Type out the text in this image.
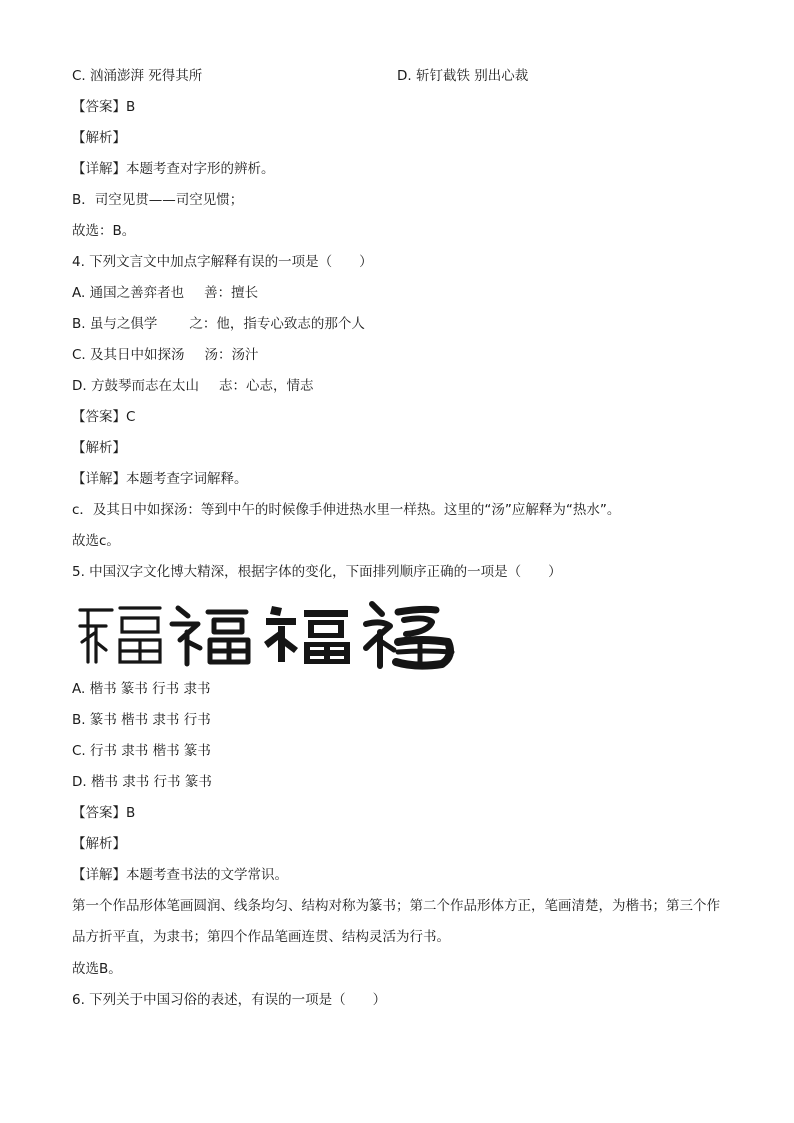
C. 汹涌澎湃 死得其所	D. 斩钉截铁 别出心裁
【答案】B
【解析】
【详解】本题考查对字形的辨析。
B．司空见贯——司空见惯；
故选：B。
4. 下列文言文中加点字解释有误的一项是（　　）
A. 通国之善弈者也 善：擅长
B. 虽与之俱学 之：他，指专心致志的那个人
C. 及其日中如探汤 汤：汤汁
D. 方鼓琴而志在太山 志：心志，情志
【答案】C
【解析】
【详解】本题考查字词解释。
c．及其日中如探汤：等到中午的时候像手伸进热水里一样热。这里的“汤”应解释为“热水”。
故选c。
5. 中国汉字文化博大精深，根据字体的变化，下面排列顺序正确的一项是（　　）
A. 楷书 篆书 行书 隶书
B. 篆书 楷书 隶书 行书
C. 行书 隶书 楷书 篆书
D. 楷书 隶书 行书 篆书
【答案】B
【解析】
【详解】本题考查书法的文学常识。
第一个作品形体笔画圆润、线条均匀、结构对称为篆书；第二个作品形体方正，笔画清楚，为楷书；第三个作品方折平直，为隶书；第四个作品笔画连贯、结构灵活为行书。
故选B。
6. 下列关于中国习俗的表述，有误的一项是（　　）
